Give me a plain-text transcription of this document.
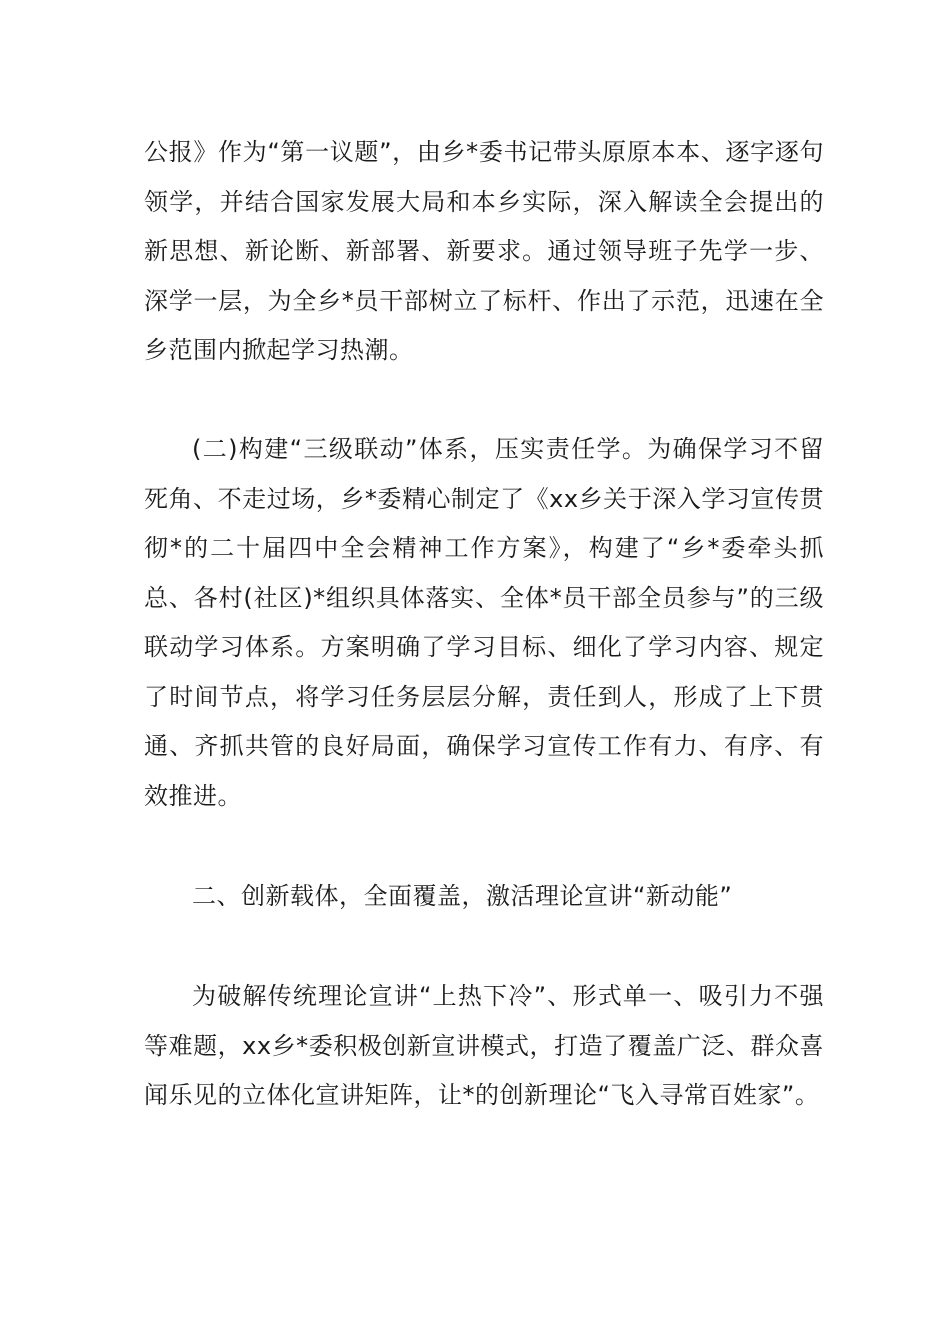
公报》作为“第一议题”，由乡*委书记带头原原本本、逐字逐句领学，并结合国家发展大局和本乡实际，深入解读全会提出的新思想、新论断、新部署、新要求。通过领导班子先学一步、深学一层，为全乡*员干部树立了标杆、作出了示范，迅速在全乡范围内掀起学习热潮。

(二)构建“三级联动”体系，压实责任学。为确保学习不留死角、不走过场，乡*委精心制定了《xx乡关于深入学习宣传贯彻*的二十届四中全会精神工作方案》，构建了“乡*委牵头抓总、各村(社区)*组织具体落实、全体*员干部全员参与”的三级联动学习体系。方案明确了学习目标、细化了学习内容、规定了时间节点，将学习任务层层分解，责任到人，形成了上下贯通、齐抓共管的良好局面，确保学习宣传工作有力、有序、有效推进。

二、创新载体，全面覆盖，激活理论宣讲“新动能”

为破解传统理论宣讲“上热下冷”、形式单一、吸引力不强等难题，xx乡*委积极创新宣讲模式，打造了覆盖广泛、群众喜闻乐见的立体化宣讲矩阵，让*的创新理论“飞入寻常百姓家”。
